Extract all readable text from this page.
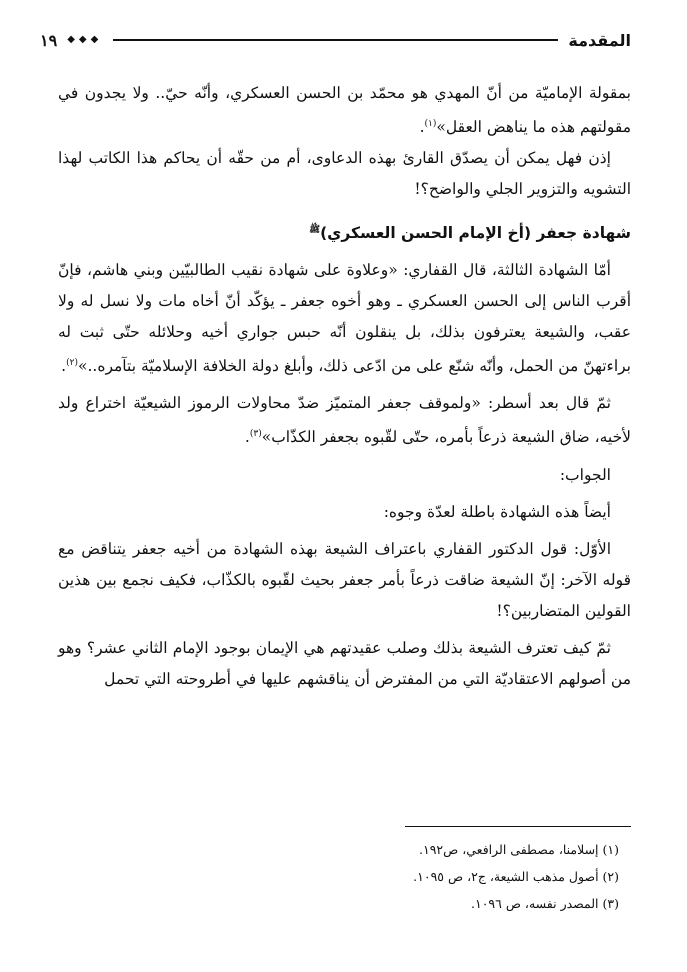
المقدمة
◆◆◆
١٩

بمقولة الإماميّة من أنّ المهدي هو محمّد بن الحسن العسكري، وأنّه حيّ.. ولا يجدون في مقولتهم هذه ما يناهض العقل»$^{(١)}$.

إذن فهل يمكن أن يصدّق القارئ بهذه الدعاوى، أم من حقّه أن يحاكم هذا الكاتب لهذا التشويه والتزوير الجلي والواضح؟!

شهادة جعفر (أخ الإمام الحسن العسكري)$^ﷺ$

أمّا الشهادة الثالثة، قال القفاري: «وعلاوة على شهادة نقيب الطالبيّين وبني هاشم، فإنّ أقرب الناس إلى الحسن العسكري ـ وهو أخوه جعفر ـ يؤكّد أنّ أخاه مات ولا نسل له ولا عقب، والشيعة يعترفون بذلك، بل ينقلون أنّه حبس جواري أخيه وحلائله حتّى ثبت له براءتهنّ من الحمل، وأنّه شنّع على من ادّعى ذلك، وأبلغ دولة الخلافة الإسلاميّة بتآمره..»$^{(٢)}$.

ثمّ قال بعد أسطر: «ولموقف جعفر المتميّز ضدّ محاولات الرموز الشيعيّة اختراع ولد لأخيه، ضاق الشيعة ذرعاً بأمره، حتّى لقّبوه بجعفر الكذّاب»$^{(٣)}$.

الجواب:

أيضاً هذه الشهادة باطلة لعدّة وجوه:

الأوّل: قول الدكتور القفاري باعتراف الشيعة بهذه الشهادة من أخيه جعفر يتناقض مع قوله الآخر: إنّ الشيعة ضاقت ذرعاً بأمر جعفر بحيث لقّبوه بالكذّاب، فكيف نجمع بين هذين القولين المتضاربين؟!

ثمّ كيف تعترف الشيعة بذلك وصلب عقيدتهم هي الإيمان بوجود الإمام الثاني عشر؟ وهو من أصولهم الاعتقاديّة التي من المفترض أن يناقشهم عليها في أطروحته التي تحمل

(١) إسلامنا، مصطفى الرافعي، ص١٩٢.
(٢) أصول مذهب الشيعة، ج٢، ص ١٠٩٥.
(٣) المصدر نفسه، ص ١٠٩٦.
